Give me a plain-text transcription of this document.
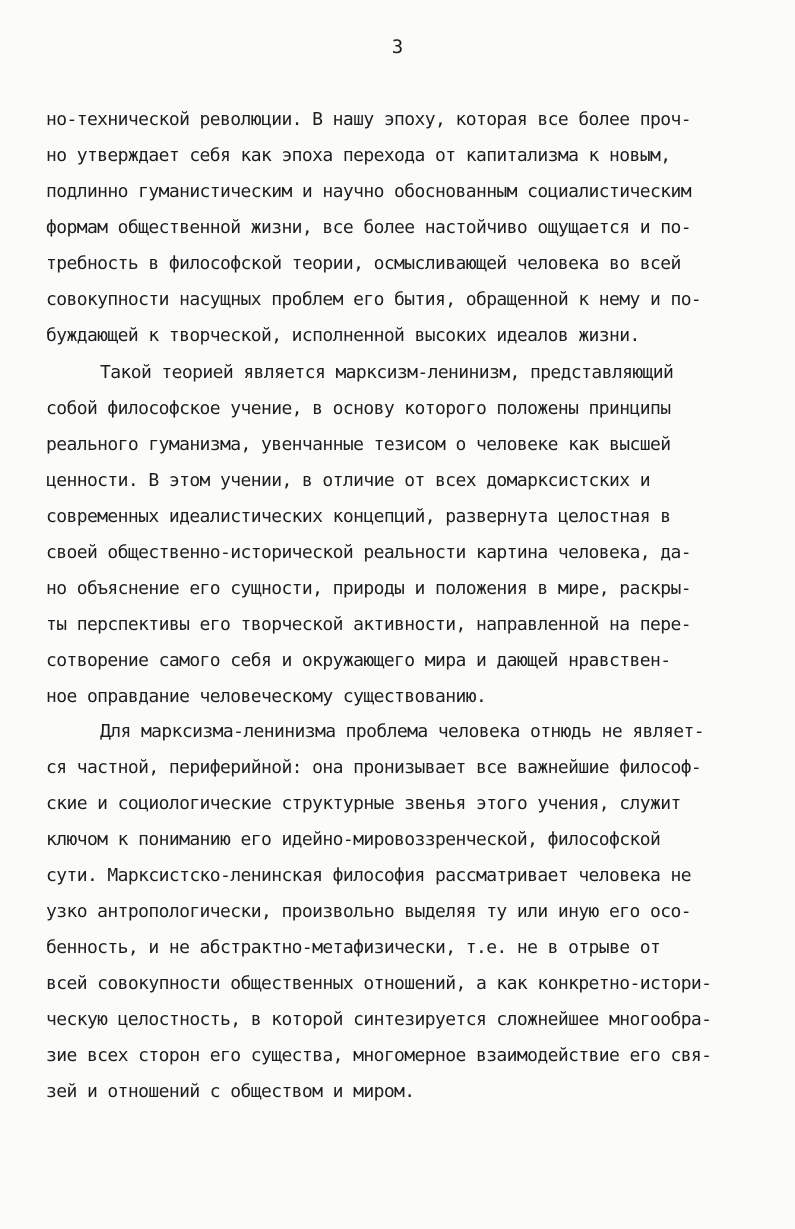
3
но-технической революции. В нашу эпоху, которая все более проч-
но утверждает себя как эпоха перехода от капитализма к новым,
подлинно гуманистическим и научно обоснованным социалистическим
формам общественной жизни, все более настойчиво ощущается и по-
требность в философской теории, осмысливающей человека во всей
совокупности насущных проблем его бытия, обращенной к нему и по-
буждающей к творческой, исполненной высоких идеалов жизни.
Такой теорией является марксизм-ленинизм, представляющий
собой философское учение, в основу которого положены принципы
реального гуманизма, увенчанные тезисом о человеке как высшей
ценности. В этом учении, в отличие от всех домарксистских и
современных идеалистических концепций, развернута целостная в
своей общественно-исторической реальности картина человека, да-
но объяснение его сущности, природы и положения в мире, раскры-
ты перспективы его творческой активности, направленной на пере-
сотворение самого себя и окружающего мира и дающей нравствен-
ное оправдание человеческому существованию.
Для марксизма-ленинизма проблема человека отнюдь не являет-
ся частной, периферийной: она пронизывает все важнейшие философ-
ские и социологические структурные звенья этого учения, служит
ключом к пониманию его идейно-мировоззренческой, философской
сути. Марксистско-ленинская философия рассматривает человека не
узко антропологически, произвольно выделяя ту или иную его осо-
бенность, и не абстрактно-метафизически, т.е. не в отрыве от
всей совокупности общественных отношений, а как конкретно-истори-
ческую целостность, в которой синтезируется сложнейшее многообра-
зие всех сторон его существа, многомерное взаимодействие его свя-
зей и отношений с обществом и миром.
